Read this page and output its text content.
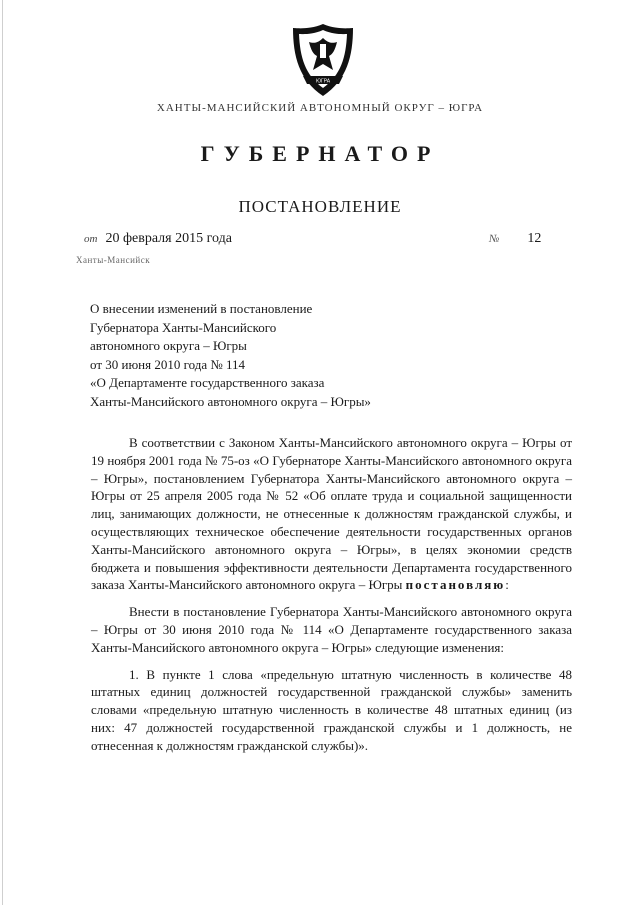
ЮГРА
ХАНТЫ-МАНСИЙСКИЙ АВТОНОМНЫЙ ОКРУГ – ЮГРА
ГУБЕРНАТОР
ПОСТАНОВЛЕНИЕ
от 20 февраля 2015 года	№ 12
Ханты-Мансийск
О внесении изменений в постановление
Губернатора Ханты-Мансийского
автономного округа – Югры
от 30 июня 2010 года № 114
«О Департаменте государственного заказа
Ханты-Мансийского автономного округа – Югры»

В соответствии с Законом Ханты-Мансийского автономного округа – Югры от 19 ноября 2001 года № 75-оз «О Губернаторе Ханты-Мансийского автономного округа – Югры», постановлением Губернатора Ханты-Мансийского автономного округа – Югры от 25 апреля 2005 года № 52 «Об оплате труда и социальной защищенности лиц, занимающих должности, не отнесенные к должностям гражданской службы, и осуществляющих техническое обеспечение деятельности государственных органов Ханты-Мансийского автономного округа – Югры», в целях экономии средств бюджета и повышения эффективности деятельности Департамента государственного заказа Ханты-Мансийского автономного округа – Югры постановляю:

Внести в постановление Губернатора Ханты-Мансийского автономного округа – Югры от 30 июня 2010 года № 114 «О Департаменте государственного заказа Ханты-Мансийского автономного округа – Югры» следующие изменения:

1. В пункте 1 слова «предельную штатную численность в количестве 48 штатных единиц должностей государственной гражданской службы» заменить словами «предельную штатную численность в количестве 48 штатных единиц (из них: 47 должностей государственной гражданской службы и 1 должность, не отнесенная к должностям гражданской службы)».
